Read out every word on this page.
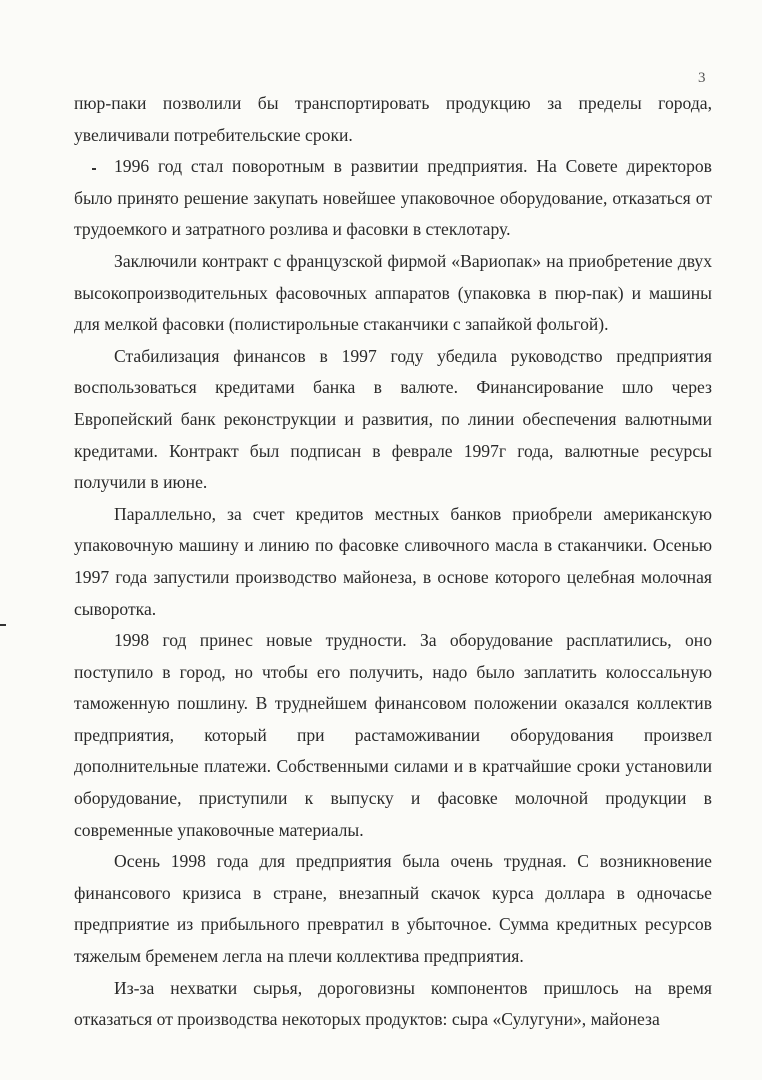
3

пюр-паки позволили бы транспортировать продукцию за пределы города, увеличивали потребительские сроки.

1996 год стал поворотным в развитии предприятия. На Совете директоров было принято решение закупать новейшее упаковочное оборудование, отказаться от трудоемкого и затратного розлива и фасовки в стеклотару.

Заключили контракт с французской фирмой «Вариопак» на приобретение двух высокопроизводительных фасовочных аппаратов (упаковка в пюр-пак) и машины для мелкой фасовки (полистирольные стаканчики с запайкой фольгой).

Стабилизация финансов в 1997 году убедила руководство предприятия воспользоваться кредитами банка в валюте. Финансирование шло через Европейский банк реконструкции и развития, по линии обеспечения валютными кредитами. Контракт был подписан в феврале 1997г года, валютные ресурсы получили в июне.

Параллельно, за счет кредитов местных банков приобрели американскую упаковочную машину и линию по фасовке сливочного масла в стаканчики. Осенью 1997 года запустили производство майонеза, в основе которого целебная молочная сыворотка.

1998 год принес новые трудности. За оборудование расплатились, оно поступило в город, но чтобы его получить, надо было заплатить колоссальную таможенную пошлину. В труднейшем финансовом положении оказался коллектив предприятия, который при растаможивании оборудования произвел дополнительные платежи. Собственными силами и в кратчайшие сроки установили оборудование, приступили к выпуску и фасовке молочной продукции в современные упаковочные материалы.

Осень 1998 года для предприятия была очень трудная. С возникновение финансового кризиса в стране, внезапный скачок курса доллара в одночасье предприятие из прибыльного превратил в убыточное. Сумма кредитных ресурсов тяжелым бременем легла на плечи коллектива предприятия.

Из-за нехватки сырья, дороговизны компонентов пришлось на время отказаться от производства некоторых продуктов: сыра «Сулугуни», майонеза
